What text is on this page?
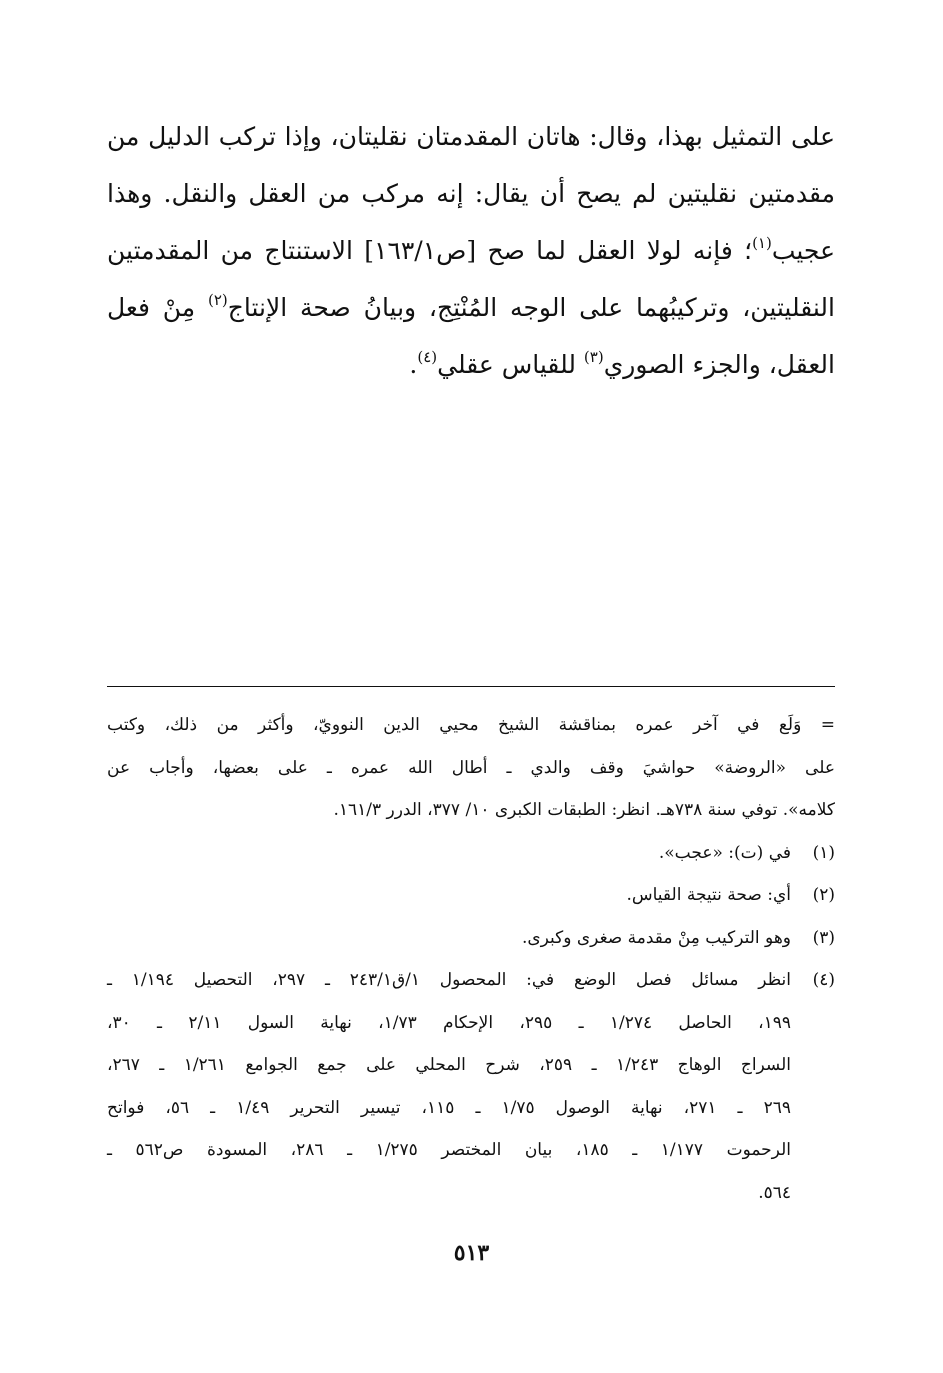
على التمثيل بهذا، وقال: هاتان المقدمتان نقليتان، وإذا تركب الدليل من
مقدمتين نقليتين لم يصح أن يقال: إنه مركب من العقل والنقل. وهذا
عجيب$^{(١)}$؛ فإنه لولا العقل لما صح [ص١٦٣/١] الاستنتاج من المقدمتين
النقليتين، وتركيبُهما على الوجه المُنْتِج، وبيانُ صحة الإنتاج$^{(٢)}$ مِنْ فعل
العقل، والجزء الصوري$^{(٣)}$ للقياس عقلي$^{(٤)}$.
= وَلَع في آخر عمره بمناقشة الشيخ محيي الدين النوويّ، وأكثر من ذلك، وكتب
على «الروضة» حواشيَ وقف والدي ـ أطال الله عمره ـ على بعضها، وأجاب عن
كلامه». توفي سنة ٧٣٨هـ. انظر: الطبقات الكبرى ١٠/ ٣٧٧، الدرر ١٦١/٣.
(١)في (ت): «عجب».
(٢)أي: صحة نتيجة القياس.
(٣)وهو التركيب مِنْ مقدمة صغرى وكبرى.
(٤)انظر مسائل فصل الوضع في: المحصول ١/ق٢٤٣/١ ـ ٢٩٧، التحصيل ١/١٩٤ ـ
١٩٩، الحاصل ١/٢٧٤ ـ ٢٩٥، الإحكام ١/٧٣، نهاية السول ٢/١١ ـ ٣٠،
السراج الوهاج ١/٢٤٣ ـ ٢٥٩، شرح المحلي على جمع الجوامع ١/٢٦١ ـ ٢٦٧،
٢٦٩ ـ ٢٧١، نهاية الوصول ١/٧٥ ـ ١١٥، تيسير التحرير ١/٤٩ ـ ٥٦، فواتح
الرحموت ١/١٧٧ ـ ١٨٥، بيان المختصر ١/٢٧٥ ـ ٢٨٦، المسودة ص٥٦٢ ـ
٥٦٤.
٥١٣
